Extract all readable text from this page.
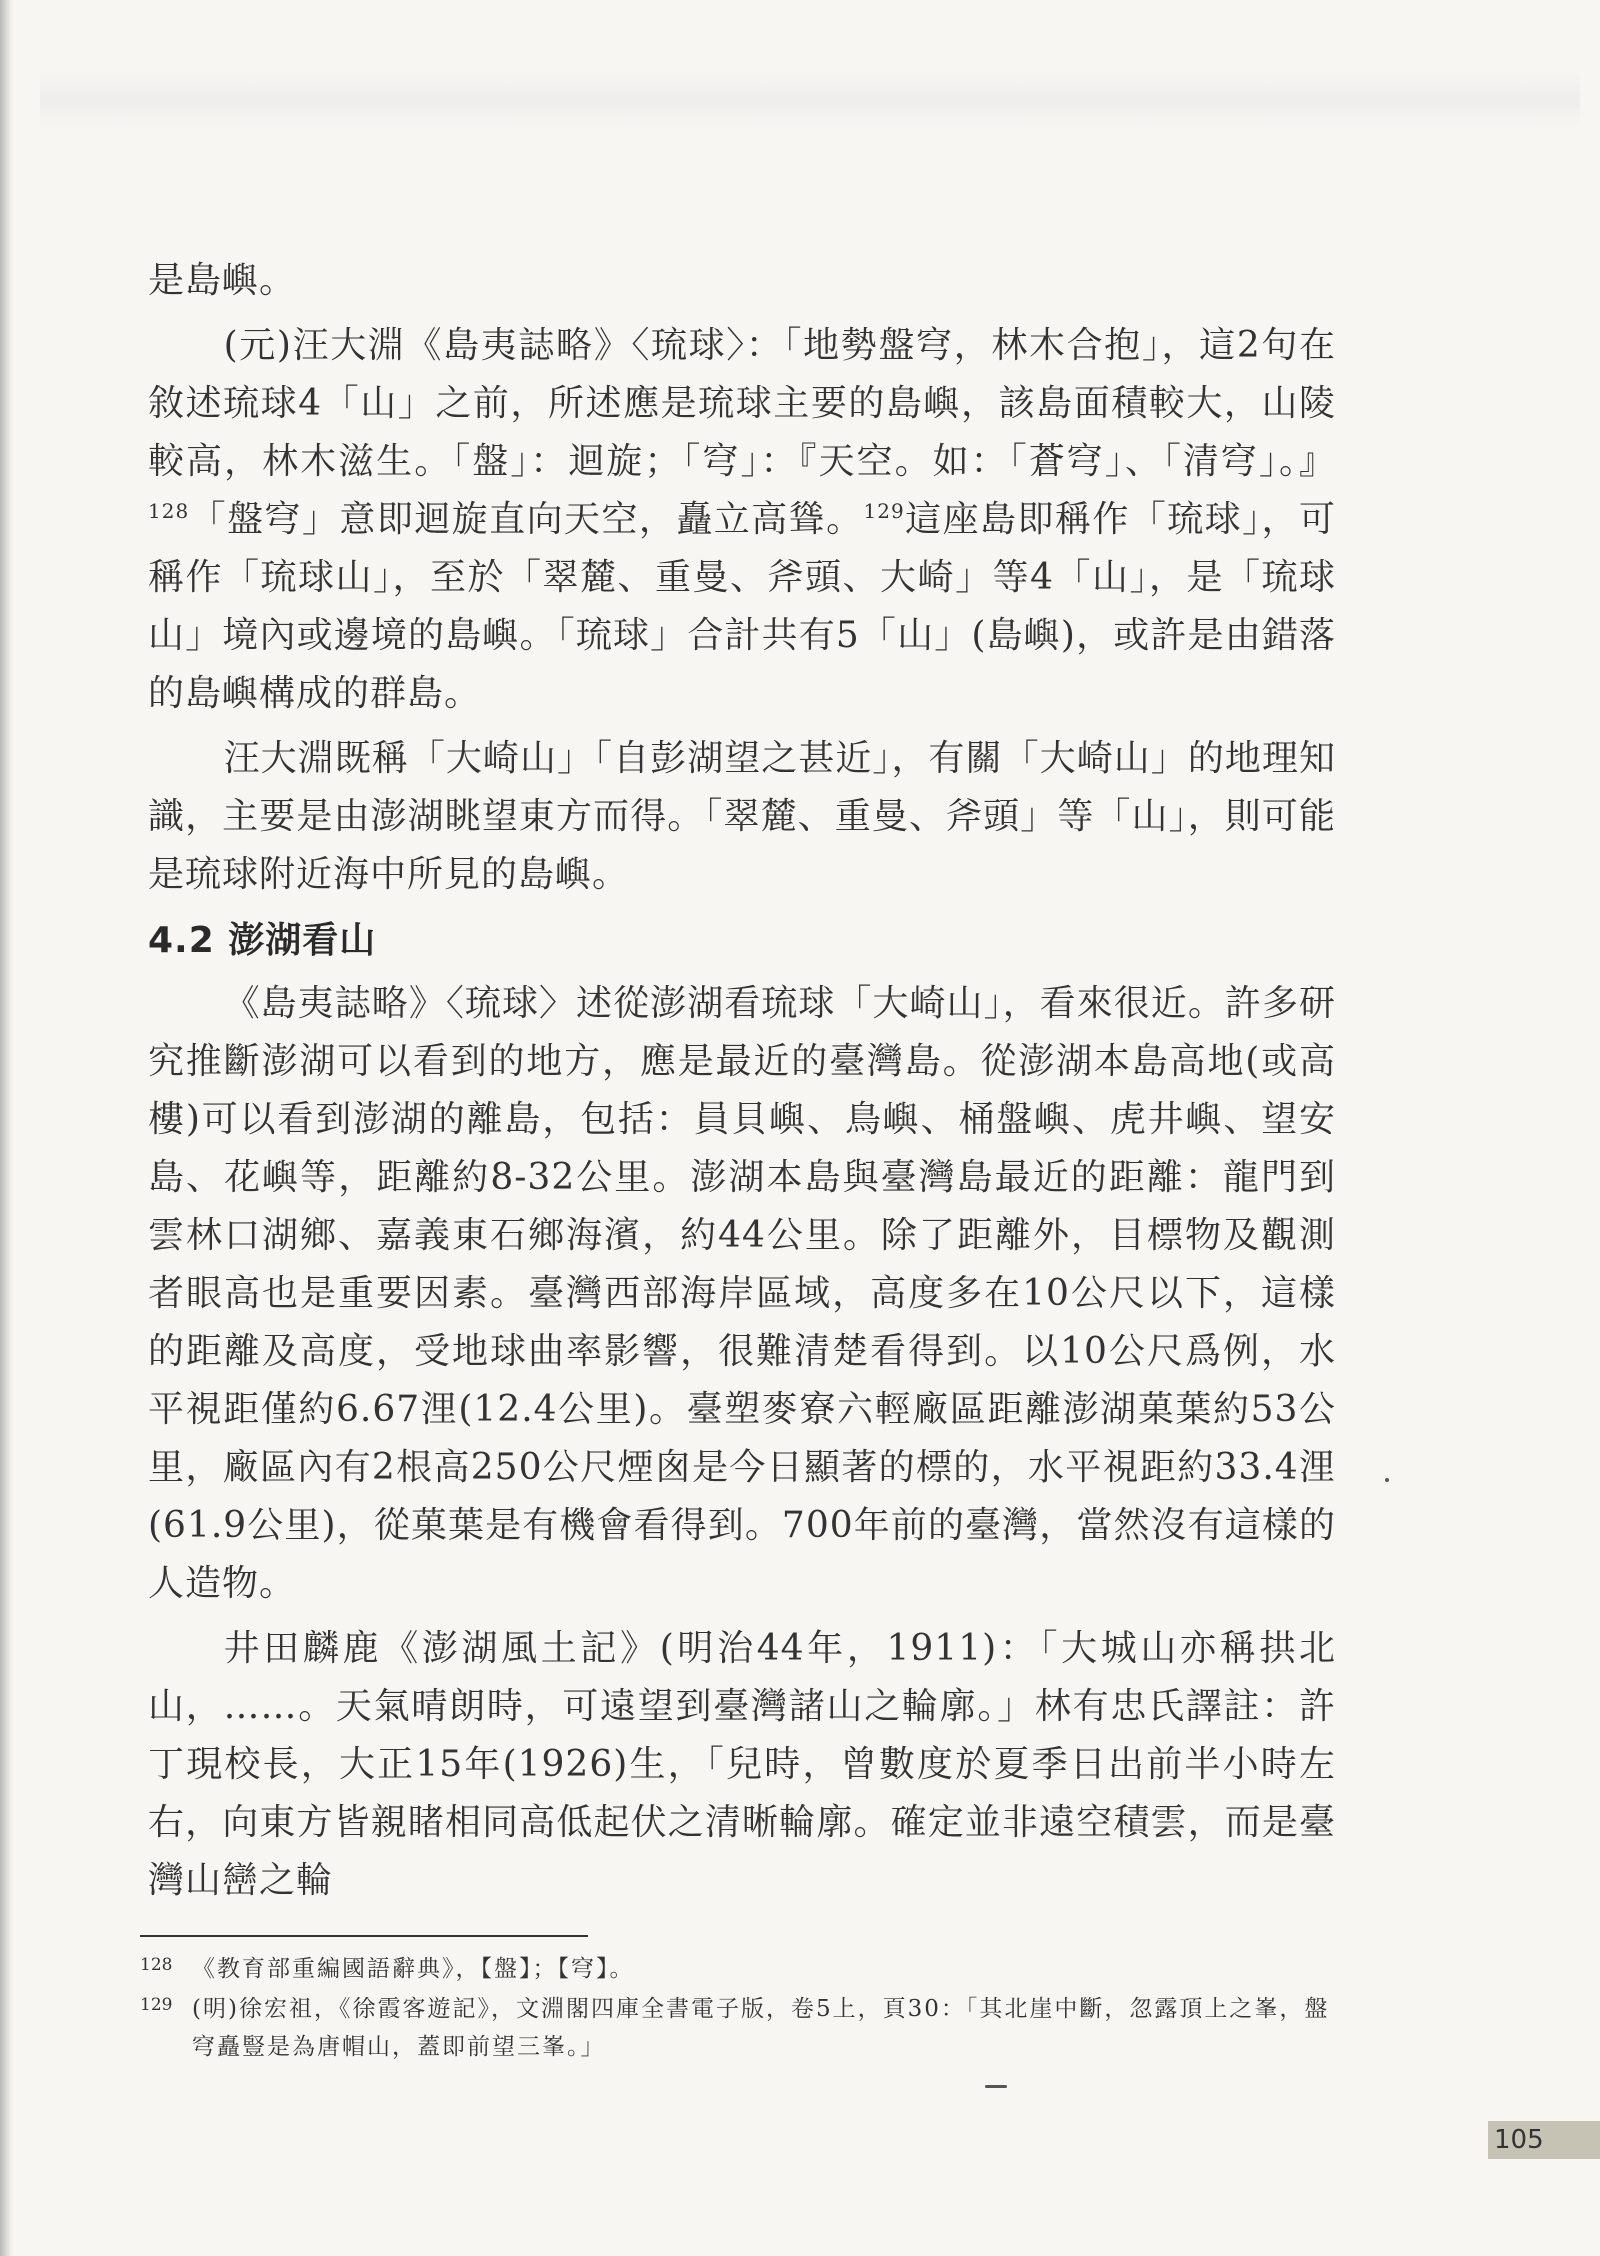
是島嶼。

(元)汪大淵《島夷誌略》〈琉球〉：「地勢盤穹，林木合抱」，這2句在敘述琉球4「山」之前，所述應是琉球主要的島嶼，該島面積較大，山陵較高，林木滋生。「盤」：迴旋；「穹」：『天空。如：「蒼穹」、「清穹」。』$^{128}$「盤穹」意即迴旋直向天空，矗立高聳。$^{129}$這座島即稱作「琉球」，可稱作「琉球山」，至於「翠麓、重曼、斧頭、大崎」等4「山」，是「琉球山」境內或邊境的島嶼。「琉球」合計共有5「山」(島嶼)，或許是由錯落的島嶼構成的群島。

汪大淵既稱「大崎山」「自彭湖望之甚近」，有關「大崎山」的地理知識，主要是由澎湖眺望東方而得。「翠麓、重曼、斧頭」等「山」，則可能是琉球附近海中所見的島嶼。

4.2 澎湖看山

《島夷誌略》〈琉球〉述從澎湖看琉球「大崎山」，看來很近。許多研究推斷澎湖可以看到的地方，應是最近的臺灣島。從澎湖本島高地(或高樓)可以看到澎湖的離島，包括：員貝嶼、鳥嶼、桶盤嶼、虎井嶼、望安島、花嶼等，距離約8-32公里。澎湖本島與臺灣島最近的距離：龍門到雲林口湖鄉、嘉義東石鄉海濱，約44公里。除了距離外，目標物及觀測者眼高也是重要因素。臺灣西部海岸區域，高度多在10公尺以下，這樣的距離及高度，受地球曲率影響，很難清楚看得到。以10公尺爲例，水平視距僅約6.67浬(12.4公里)。臺塑麥寮六輕廠區距離澎湖菓葉約53公里，廠區內有2根高250公尺煙囪是今日顯著的標的，水平視距約33.4浬(61.9公里)，從菓葉是有機會看得到。700年前的臺灣，當然沒有這樣的人造物。

井田麟鹿《澎湖風土記》(明治44年，1911)：「大城山亦稱拱北山，……。天氣晴朗時，可遠望到臺灣諸山之輪廓。」林有忠氏譯註：許丁現校長，大正15年(1926)生，「兒時，曾數度於夏季日出前半小時左右，向東方皆親睹相同高低起伏之清晰輪廓。確定並非遠空積雲，而是臺灣山巒之輪

128 《教育部重編國語辭典》，【盤】；【穹】。
129 (明)徐宏祖，《徐霞客遊記》，文淵閣四庫全書電子版，卷5上，頁30：「其北崖中斷，忽露頂上之峯，盤穹矗豎是為唐帽山，蓋即前望三峯。」
105
